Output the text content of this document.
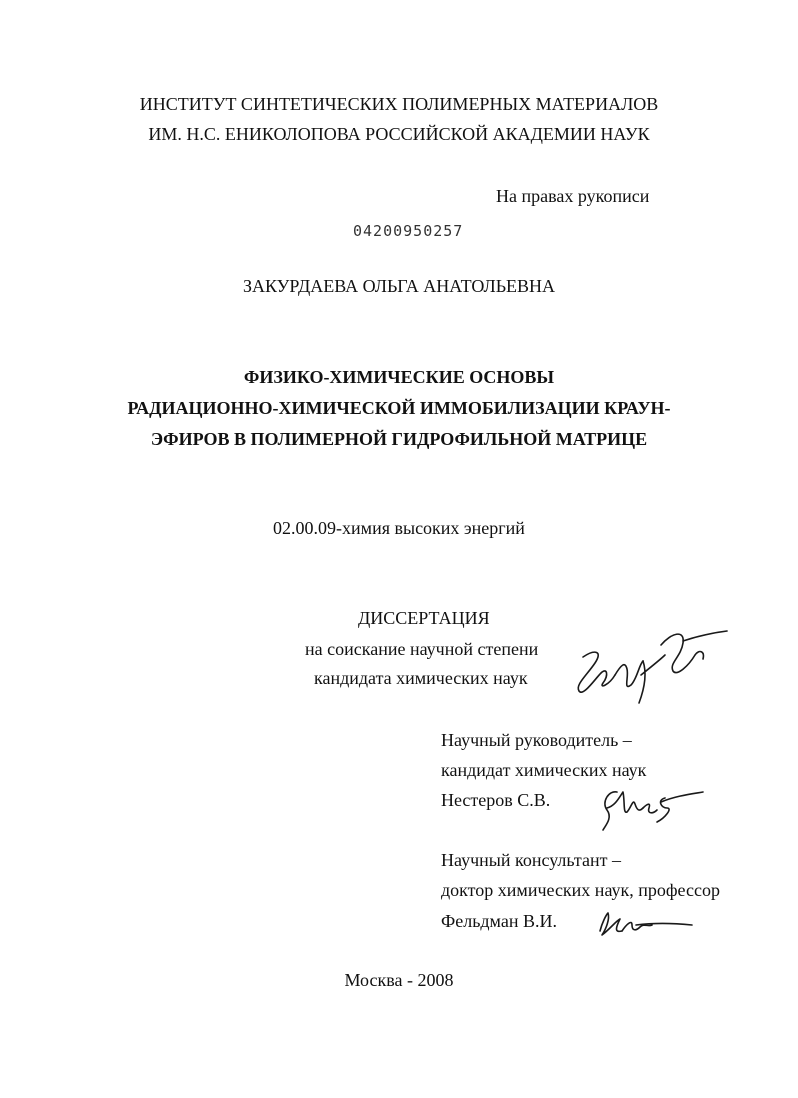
ИНСТИТУТ СИНТЕТИЧЕСКИХ ПОЛИМЕРНЫХ МАТЕРИАЛОВ
ИМ. Н.С. ЕНИКОЛОПОВА РОССИЙСКОЙ АКАДЕМИИ НАУК
На правах рукописи
04200950257
ЗАКУРДАЕВА ОЛЬГА АНАТОЛЬЕВНА
ФИЗИКО-ХИМИЧЕСКИЕ ОСНОВЫ
РАДИАЦИОННО-ХИМИЧЕСКОЙ ИММОБИЛИЗАЦИИ КРАУН-
ЭФИРОВ В ПОЛИМЕРНОЙ ГИДРОФИЛЬНОЙ МАТРИЦЕ
02.00.09-химия высоких энергий
ДИССЕРТАЦИЯ
на соискание научной степени
кандидата химических наук
Научный руководитель –
кандидат химических наук
Нестеров С.В.
Научный консультант –
доктор химических наук, профессор
Фельдман В.И.
Москва - 2008
